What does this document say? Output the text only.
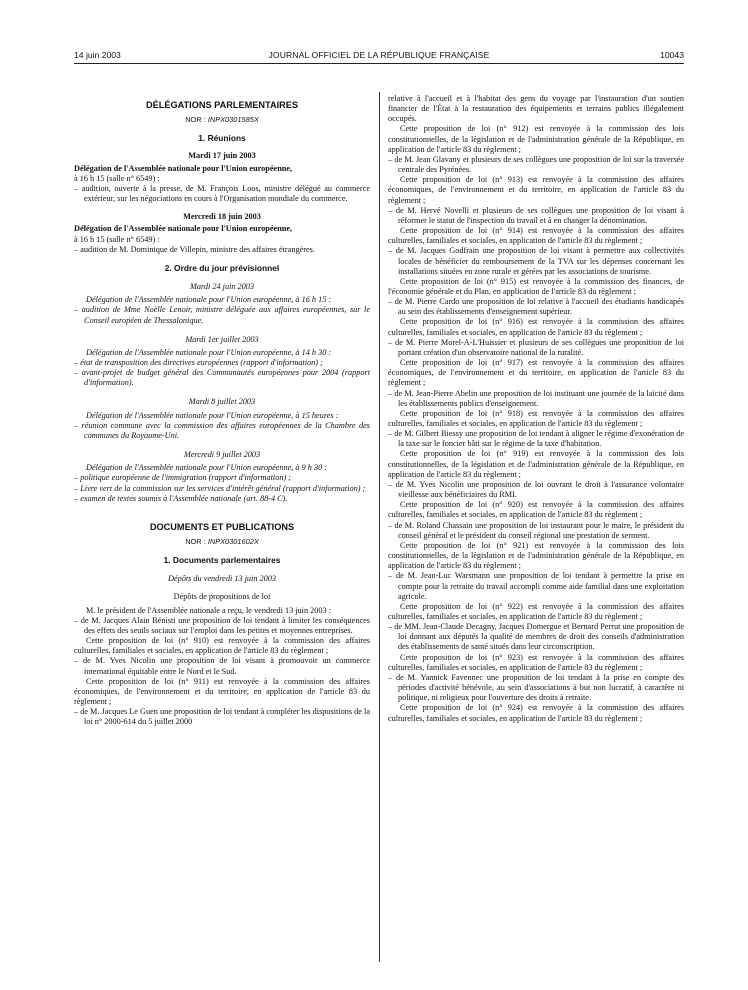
14 juin 2003	JOURNAL OFFICIEL DE LA RÉPUBLIQUE FRANÇAISE	10043
DÉLÉGATIONS PARLEMENTAIRES
NOR : INPX0301585X
1. Réunions
Mardi 17 juin 2003

Délégation de l'Assemblée nationale pour l'Union européenne,

à 16 h 15 (salle n° 6549) :

– audition, ouverte à la presse, de M. François Loos, ministre délégué au commerce extérieur, sur les négociations en cours à l'Organisation mondiale du commerce.

Mercredi 18 juin 2003

Délégation de l'Assemblée nationale pour l'Union européenne,

à 16 h 15 (salle n° 6549) :

– audition de M. Dominique de Villepin, ministre des affaires étrangères.

2. Ordre du jour prévisionnel
Mardi 24 juin 2003

Délégation de l'Assemblée nationale pour l'Union européenne, à 16 h 15 :

– audition de Mme Noëlle Lenoir, ministre déléguée aux affaires européennes, sur le Conseil européen de Thessalonique.

Mardi 1er juillet 2003

Délégation de l'Assemblée nationale pour l'Union européenne, à 14 h 30 :

– état de transposition des directives européennes (rapport d'information) ;

– avant-projet de budget général des Communautés européennes pour 2004 (rapport d'information).

Mardi 8 juillet 2003

Délégation de l'Assemblée nationale pour l'Union européenne, à 15 heures :

– réunion commune avec la commission des affaires européennes de la Chambre des communes du Royaume-Uni.

Mercredi 9 juillet 2003

Délégation de l'Assemblée nationale pour l'Union européenne, à 9 h 30 :

– politique européenne de l'immigration (rapport d'information) ;

– Livre vert de la commission sur les services d'intérêt général (rapport d'information) ;

– examen de textes soumis à l'Assemblée nationale (art. 88-4 C).

DOCUMENTS ET PUBLICATIONS
NOR : INPX0301602X
1. Documents parlementaires
Dépôts du vendredi 13 juin 2003
Dépôts de propositions de loi

M. le président de l'Assemblée nationale a reçu, le vendredi 13 juin 2003 :

– de M. Jacques Alain Bénisti une proposition de loi tendant à limiter les conséquences des effets des seuils sociaux sur l'emploi dans les petites et moyennes entreprises.

Cette proposition de loi (n° 910) est renvoyée à la commission des affaires culturelles, familiales et sociales, en application de l'article 83 du règlement ;

– de M. Yves Nicolin une proposition de loi visant à promouvoir un commerce international équitable entre le Nord et le Sud.

Cette proposition de loi (n° 911) est renvoyée à la commission des affaires économiques, de l'environnement et du territoire, en application de l'article 83 du règlement ;

– de M. Jacques Le Guen une proposition de loi tendant à compléter les dispositions de la loi n° 2000-614 du 5 juillet 2000

relative à l'accueil et à l'habitat des gens du voyage par l'instauration d'un soutien financier de l'État à la restauration des équipements et terrains publics illégalement occupés.

Cette proposition de loi (n° 912) est renvoyée à la commission des lois constitutionnelles, de la législation et de l'administration générale de la République, en application de l'article 83 du règlement ;

– de M. Jean Glavany et plusieurs de ses collègues une proposition de loi sur la traversée centrale des Pyrénées.

Cette proposition de loi (n° 913) est renvoyée à la commission des affaires économiques, de l'environnement et du territoire, en application de l'article 83 du règlement ;

– de M. Hervé Novelli et plusieurs de ses collègues une proposition de loi visant à réformer le statut de l'inspection du travail et à en changer la dénomination.

Cette proposition de loi (n° 914) est renvoyée à la commission des affaires culturelles, familiales et sociales, en application de l'article 83 du règlement ;

– de M. Jacques Godfrain une proposition de loi visant à permettre aux collectivités locales de bénéficier du remboursement de la TVA sur les dépenses concernant les installations situées en zone rurale et gérées par les associations de tourisme.

Cette proposition de loi (n° 915) est renvoyée à la commission des finances, de l'économie générale et du Plan, en application de l'article 83 du règlement ;

– de M. Pierre Cardo une proposition de loi relative à l'accueil des étudiants handicapés au sein des établissements d'enseignement supérieur.

Cette proposition de loi (n° 916) est renvoyée à la commission des affaires culturelles, familiales et sociales, en application de l'article 83 du règlement ;

– de M. Pierre Morel-A-L'Huissier et plusieurs de ses collègues une proposition de loi portant création d'un observatoire national de la ruralité.

Cette proposition de loi (n° 917) est renvoyée à la commission des affaires économiques, de l'environnement et du territoire, en application de l'article 83 du règlement ;

– de M. Jean-Pierre Abelin une proposition de loi instituant une journée de la laïcité dans les établissements publics d'enseignement.

Cette proposition de loi (n° 918) est renvoyée à la commission des affaires culturelles, familiales et sociales, en application de l'article 83 du règlement ;

– de M. Gilbert Biessy une proposition de loi tendant à aligner le régime d'exonération de la taxe sur le foncier bâti sur le régime de la taxe d'habitation.

Cette proposition de loi (n° 919) est renvoyée à la commission des lois constitutionnelles, de la législation et de l'administration générale de la République, en application de l'article 83 du règlement ;

– de M. Yves Nicolin une proposition de loi ouvrant le droit à l'assurance volontaire vieillesse aux bénéficiaires du RMI.

Cette proposition de loi (n° 920) est renvoyée à la commission des affaires culturelles, familiales et sociales, en application de l'article 83 du règlement ;

– de M. Roland Chassain une proposition de loi instaurant pour le maire, le président du conseil général et le président du conseil régional une prestation de serment.

Cette proposition de loi (n° 921) est renvoyée à la commission des lois constitutionnelles, de la législation et de l'administration générale de la République, en application de l'article 83 du règlement ;

– de M. Jean-Luc Warsmann une proposition de loi tendant à permettre la prise en compte pour la retraite du travail accompli comme aide familial dans une exploitation agricole.

Cette proposition de loi (n° 922) est renvoyée à la commission des affaires culturelles, familiales et sociales, en application de l'article 83 du règlement ;

– de MM. Jean-Claude Decagny, Jacques Domergue et Bernard Perrut une proposition de loi donnant aux députés la qualité de membres de droit des conseils d'administration des établissements de santé situés dans leur circonscription.

Cette proposition de loi (n° 923) est renvoyée à la commission des affaires culturelles, familiales et sociales, en application de l'article 83 du règlement ;

– de M. Yannick Favennec une proposition de loi tendant à la prise en compte des périodes d'activité bénévole, au sein d'associations à but non lucratif, à caractère ni politique, ni religieux pour l'ouverture des droits à retraite.

Cette proposition de loi (n° 924) est renvoyée à la commission des affaires culturelles, familiales et sociales, en application de l'article 83 du règlement ;
